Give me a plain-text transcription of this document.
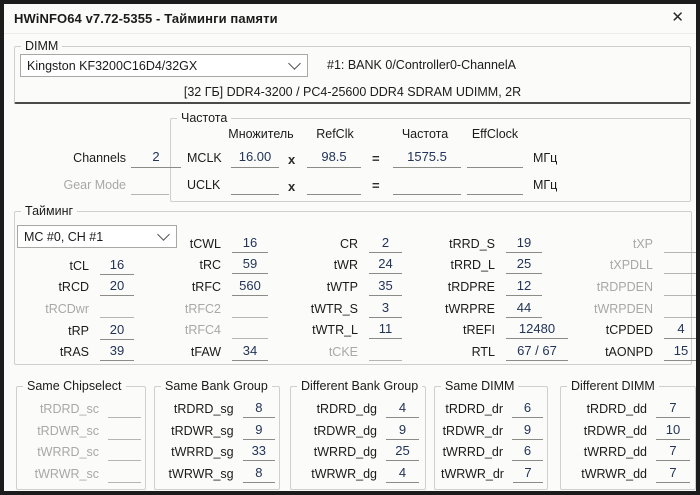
HWiNFO64 v7.72-5355 - Тайминги памяти	✕
DIMM
Kingston KF3200C16D4/32GX	#1: BANK 0/Controller0-ChannelA
[32 ГБ] DDR4-3200 / PC4-25600 DDR4 SDRAM UDIMM, 2R
Частота
Множитель	RefClk	Частота	EffClock
Channels	2	MCLK	16.00	x	98.5	=	1575.5	МГц
Gear Mode	UCLK	x	=	МГц
Тайминг
MC #0, CH #1
tCL	16
tRCD	20
tRCDwr
tRP	20
tRAS	39
tCWL	16
tRC	59
tRFC	560
tRFC2
tRFC4
tFAW	34
CR	2
tWR	24
tWTP	35
tWTR_S	3
tWTR_L	11
tCKE
tRRD_S	19
tRRD_L	25
tRDPRE	12
tWRPRE	44
tREFI	12480
RTL	67 / 67
tXP
tXPDLL
tRDPDEN
tWRPDEN
tCPDED	4
tAONPD	15
Same Chipselect
tRDRD_sc
tRDWR_sc
tWRRD_sc
tWRWR_sc
Same Bank Group
tRDRD_sg	8
tRDWR_sg	9
tWRRD_sg	33
tWRWR_sg	8
Different Bank Group
tRDRD_dg	4
tRDWR_dg	9
tWRRD_dg	25
tWRWR_dg	4
Same DIMM
tRDRD_dr	6
tRDWR_dr	9
tWRRD_dr	6
tWRWR_dr	7
Different DIMM
tRDRD_dd	7
tRDWR_dd	10
tWRRD_dd	7
tWRWR_dd	7
